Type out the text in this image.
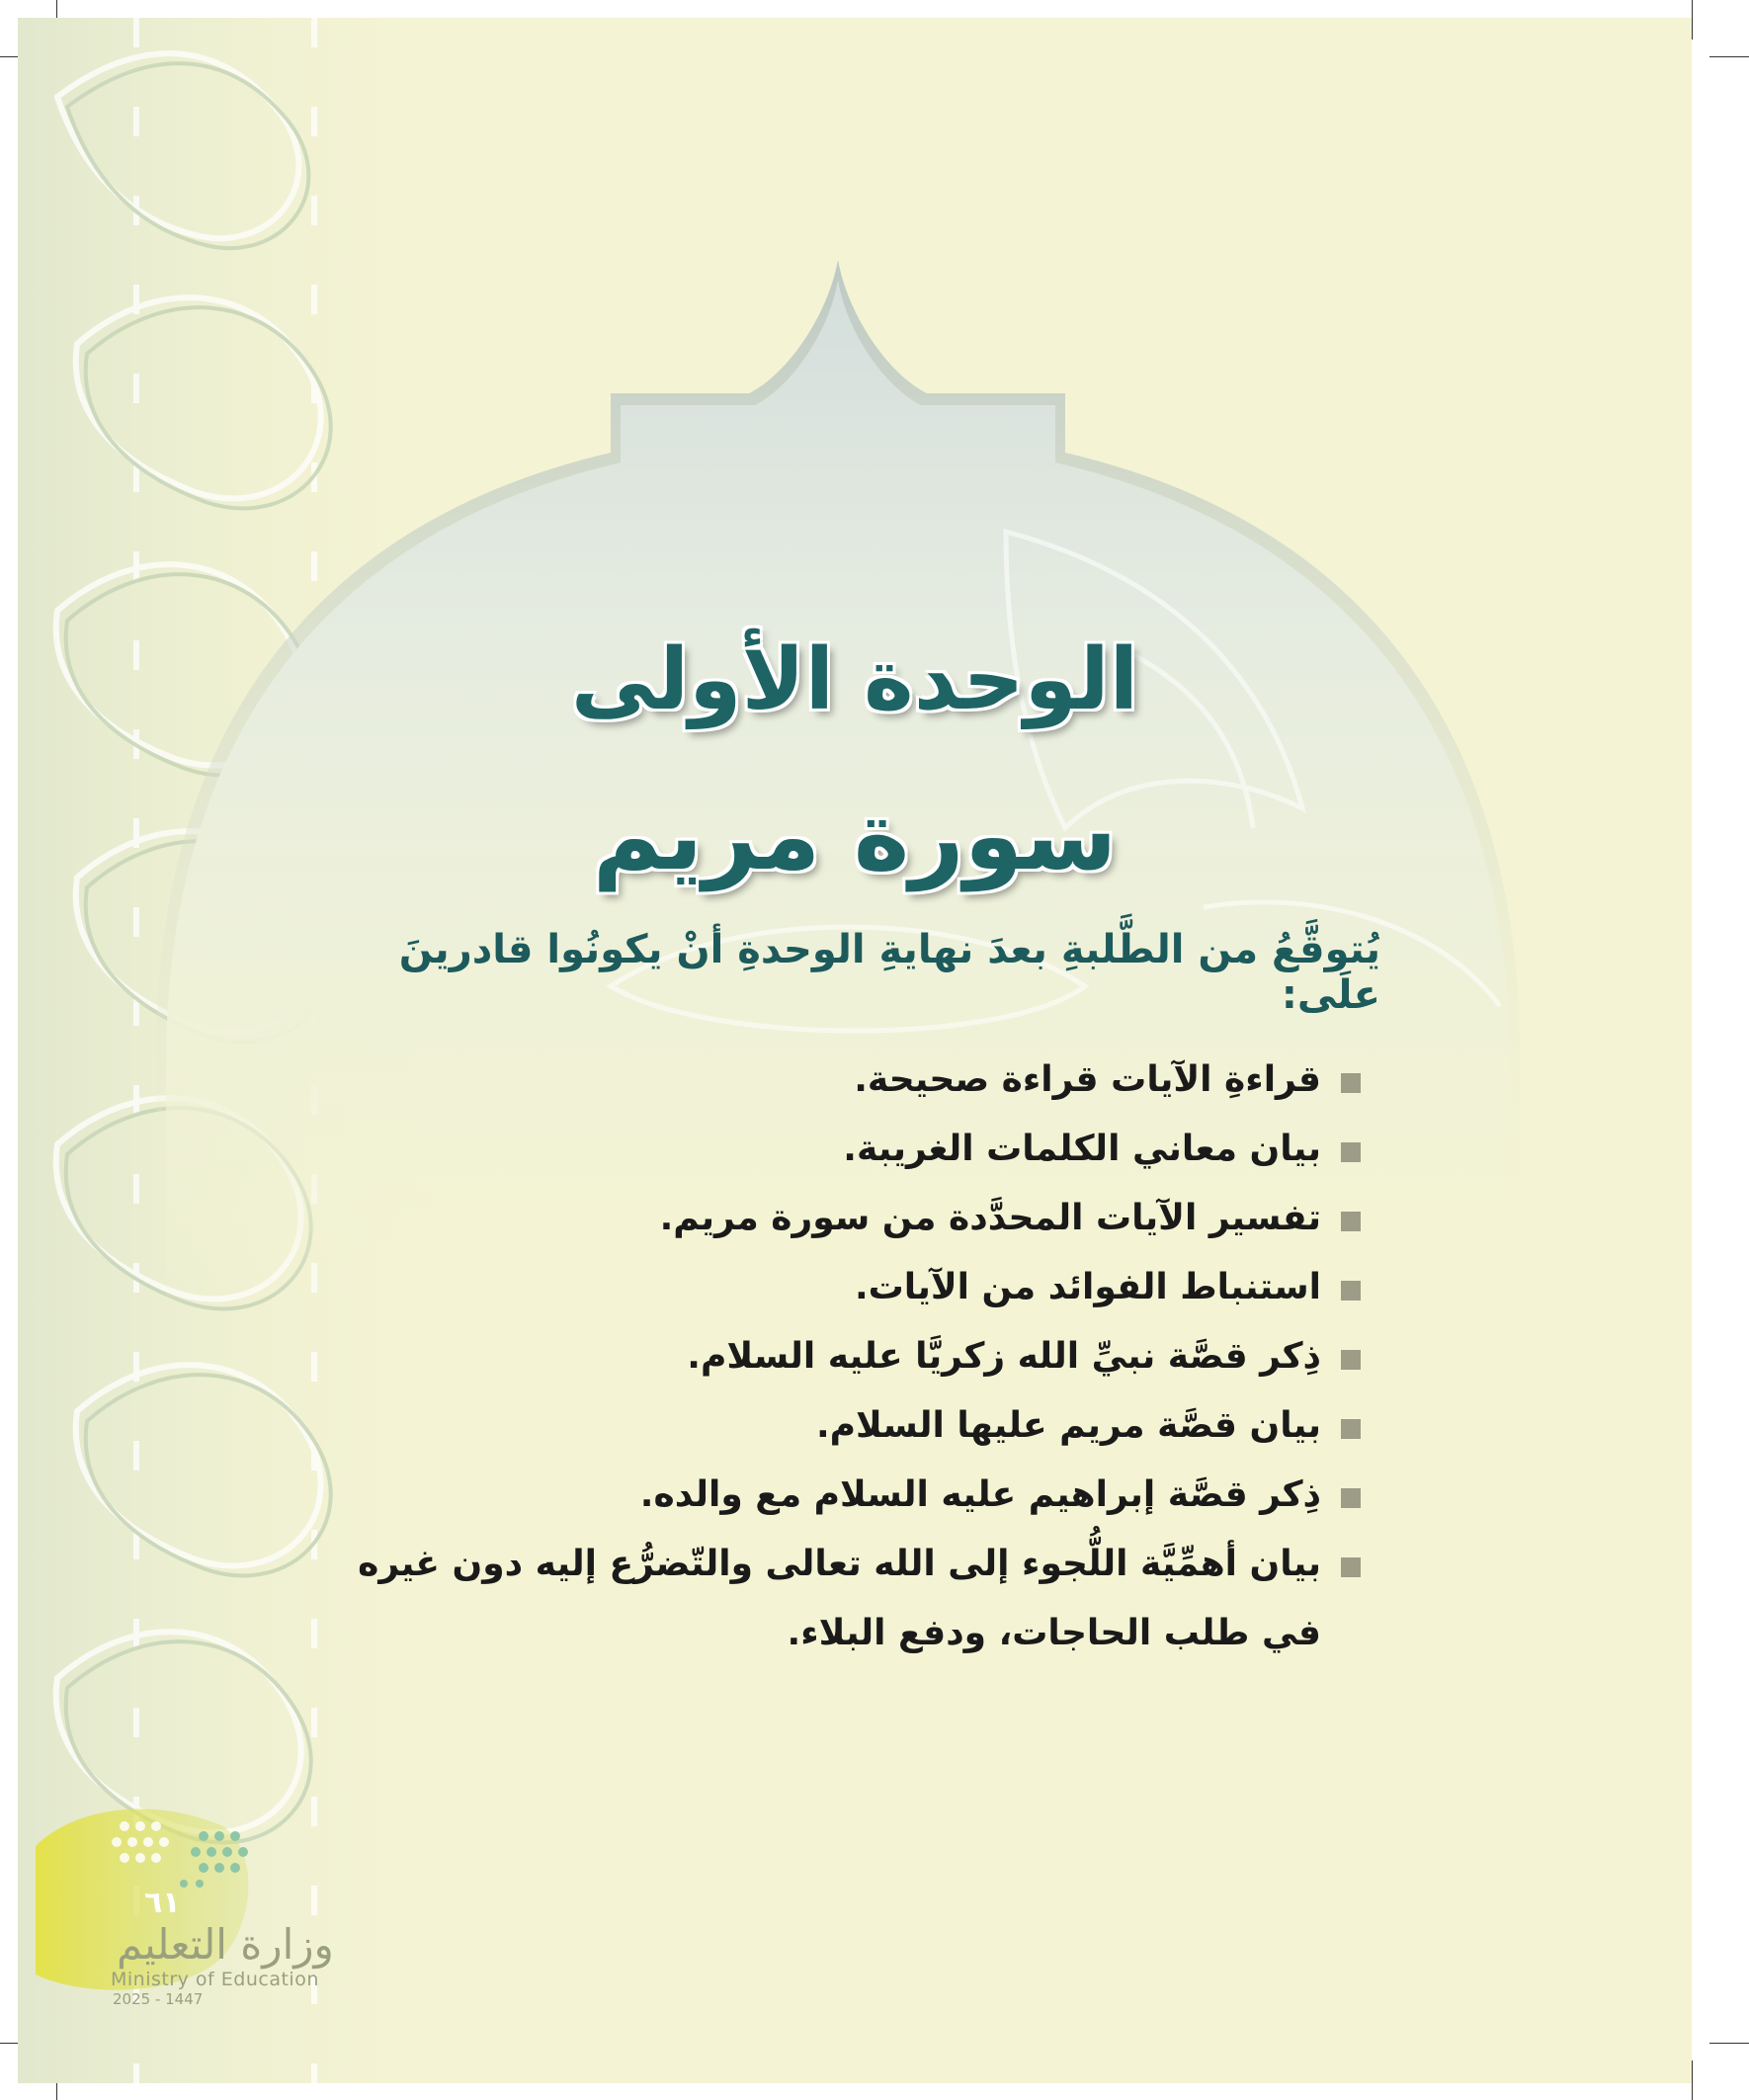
الوحدة الأولى
سورة مريم
يُتوقَّعُ من الطَّلبةِ بعدَ نهايةِ الوحدةِ أنْ يكونُوا قادرينَ علَى:
قراءةِ الآيات قراءة صحيحة.
بيان معاني الكلمات الغريبة.
تفسير الآيات المحدَّدة من سورة مريم.
استنباط الفوائد من الآيات.
ذِكر قصَّة نبيِّ الله زكريَّا عليه السلام.
بيان قصَّة مريم عليها السلام.
ذِكر قصَّة إبراهيم عليه السلام مع والده.
بيان أهمِّيَّة اللُّجوء إلى الله تعالى والتّضرُّع إليه دون غيره في طلب الحاجات، ودفع البلاء.
٦١
وزارة التعليم
Ministry of Education
2025 - 1447
